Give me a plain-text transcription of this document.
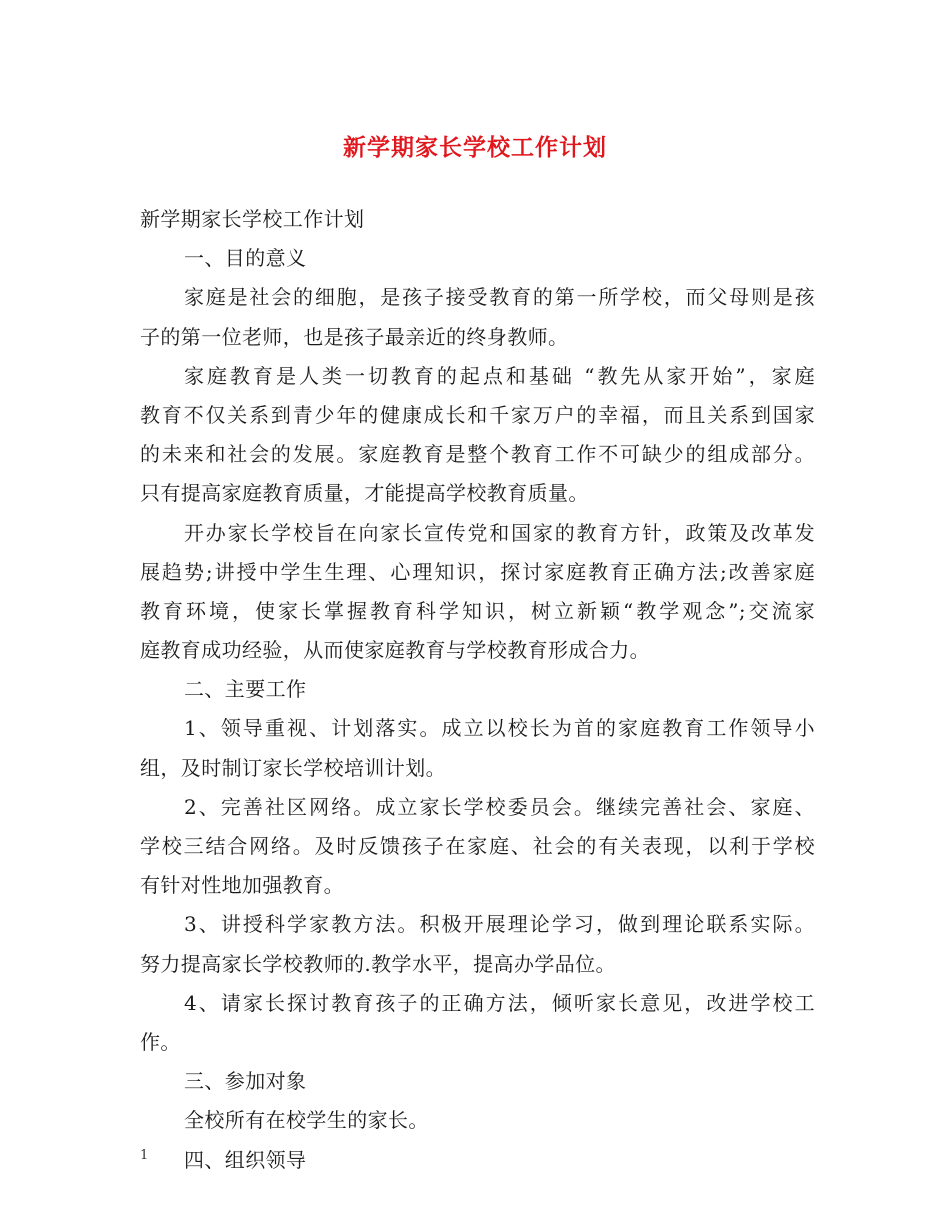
新学期家长学校工作计划
新学期家长学校工作计划
一、目的意义
家庭是社会的细胞，是孩子接受教育的第一所学校，而父母则是孩
子的第一位老师，也是孩子最亲近的终身教师。
家庭教育是人类一切教育的起点和基础 “教先从家开始”，家庭
教育不仅关系到青少年的健康成长和千家万户的幸福，而且关系到国家
的未来和社会的发展。家庭教育是整个教育工作不可缺少的组成部分。
只有提高家庭教育质量，才能提高学校教育质量。
开办家长学校旨在向家长宣传党和国家的教育方针，政策及改革发
展趋势;讲授中学生生理、心理知识，探讨家庭教育正确方法;改善家庭
教育环境，使家长掌握教育科学知识，树立新颖“教学观念”;交流家
庭教育成功经验，从而使家庭教育与学校教育形成合力。
二、主要工作
1、领导重视、计划落实。成立以校长为首的家庭教育工作领导小
组，及时制订家长学校培训计划。
2、完善社区网络。成立家长学校委员会。继续完善社会、家庭、
学校三结合网络。及时反馈孩子在家庭、社会的有关表现，以利于学校
有针对性地加强教育。
3、讲授科学家教方法。积极开展理论学习，做到理论联系实际。
努力提高家长学校教师的.教学水平，提高办学品位。
4、请家长探讨教育孩子的正确方法，倾听家长意见，改进学校工
作。
三、参加对象
全校所有在校学生的家长。
四、组织领导
1
